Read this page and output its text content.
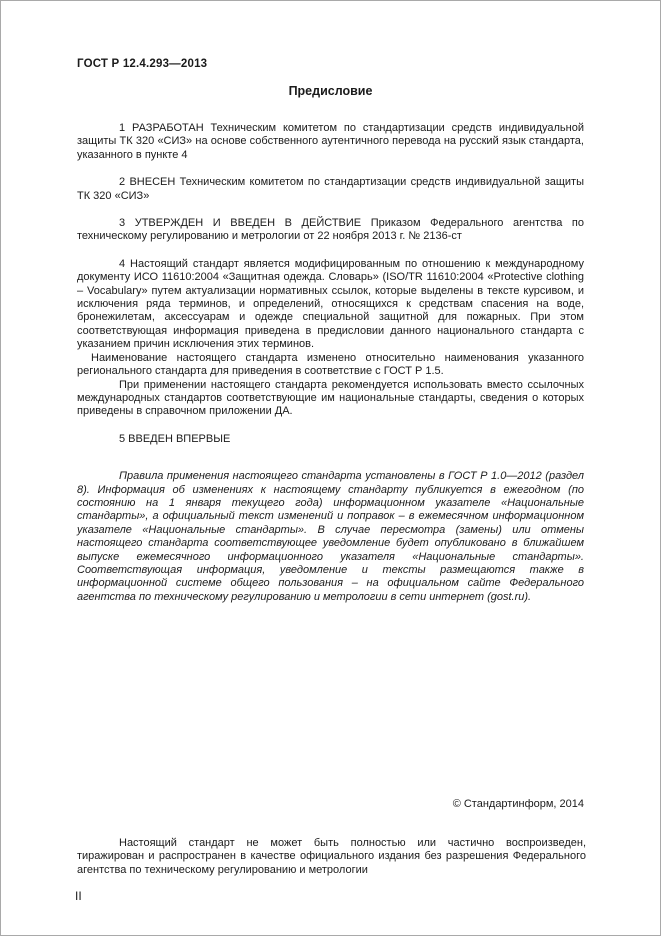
ГОСТ Р 12.4.293—2013
Предисловие

1 РАЗРАБОТАН Техническим комитетом по стандартизации средств индивидуальной защиты ТК 320 «СИЗ» на основе собственного аутентичного перевода на русский язык стандарта, указанного в пункте 4

2 ВНЕСЕН Техническим комитетом по стандартизации средств индивидуальной защиты ТК 320 «СИЗ»

3 УТВЕРЖДЕН И ВВЕДЕН В ДЕЙСТВИЕ Приказом Федерального агентства по техническому регулированию и метрологии от 22 ноября 2013 г. № 2136-ст

4 Настоящий стандарт является модифицированным по отношению к международному документу ИСО 11610:2004 «Защитная одежда. Словарь» (ISO/TR 11610:2004 «Protective clothing – Vocabulary» путем актуализации нормативных ссылок, которые выделены в тексте курсивом, и исключения ряда терминов, и определений, относящихся к средствам спасения на воде, бронежилетам, аксессуарам и одежде специальной защитной для пожарных. При этом соответствующая информация приведена в предисловии данного национального стандарта с указанием причин исключения этих терминов.

Наименование настоящего стандарта изменено относительно наименования указанного регионального стандарта для приведения в соответствие с ГОСТ Р 1.5.

При применении настоящего стандарта рекомендуется использовать вместо ссылочных международных стандартов соответствующие им национальные стандарты, сведения о которых приведены в справочном приложении ДА.

5 ВВЕДЕН ВПЕРВЫЕ

Правила применения настоящего стандарта установлены в ГОСТ Р 1.0—2012 (раздел 8). Информация об изменениях к настоящему стандарту публикуется в ежегодном (по состоянию на 1 января текущего года) информационном указателе «Национальные стандарты», а официальный текст изменений и поправок – в ежемесячном информационном указателе «Национальные стандарты». В случае пересмотра (замены) или отмены настоящего стандарта соответствующее уведомление будет опубликовано в ближайшем выпуске ежемесячного информационного указателя «Национальные стандарты». Соответствующая информация, уведомление и тексты размещаются также в информационной системе общего пользования – на официальном сайте Федерального агентства по техническому регулированию и метрологии в сети интернет (gost.ru).

© Стандартинформ, 2014
Настоящий стандарт не может быть полностью или частично воспроизведен, тиражирован и распространен в качестве официального издания без разрешения Федерального агентства по техническому регулированию и метрологии
II
